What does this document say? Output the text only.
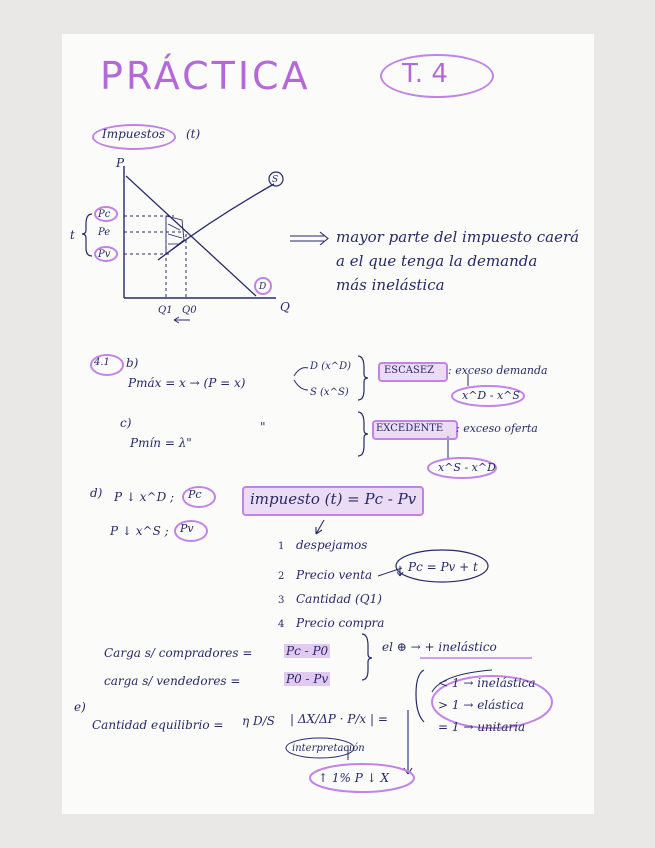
PRÁCTICA	T. 4
Impuestos (t)
P
Q
t
Pc
Pe
Pv
Q1 Q0
S
D
mayor parte del impuesto caerá
a el que tenga la demanda
más inelástica
4.1 b)
Pmáx = x → (P = x)
D (x^D)
S (x^S)
ESCASEZ : exceso demanda
x^D - x^S
c)
Pmín = λ"
"	EXCEDENTE : exceso oferta
x^S - x^D
d) P ↓ x^D ; Pc
P ↓ x^S ; Pv
impuesto (t) = Pc - Pv
1 despejamos
2 Precio venta
3 Cantidad (Q1)
4 Precio compra
Pc = Pv + t
Carga s/ compradores =	Pc - P0
carga s/ vendedores =	P0 - Pv
el ⊕ → + inelástico
e)
Cantidad equilibrio = η D/S | ΔX/ΔP · P/x | =
< 1 → inelástica
> 1 → elástica
= 1 → unitaria
interpretación
↑ 1% P ↓ X
